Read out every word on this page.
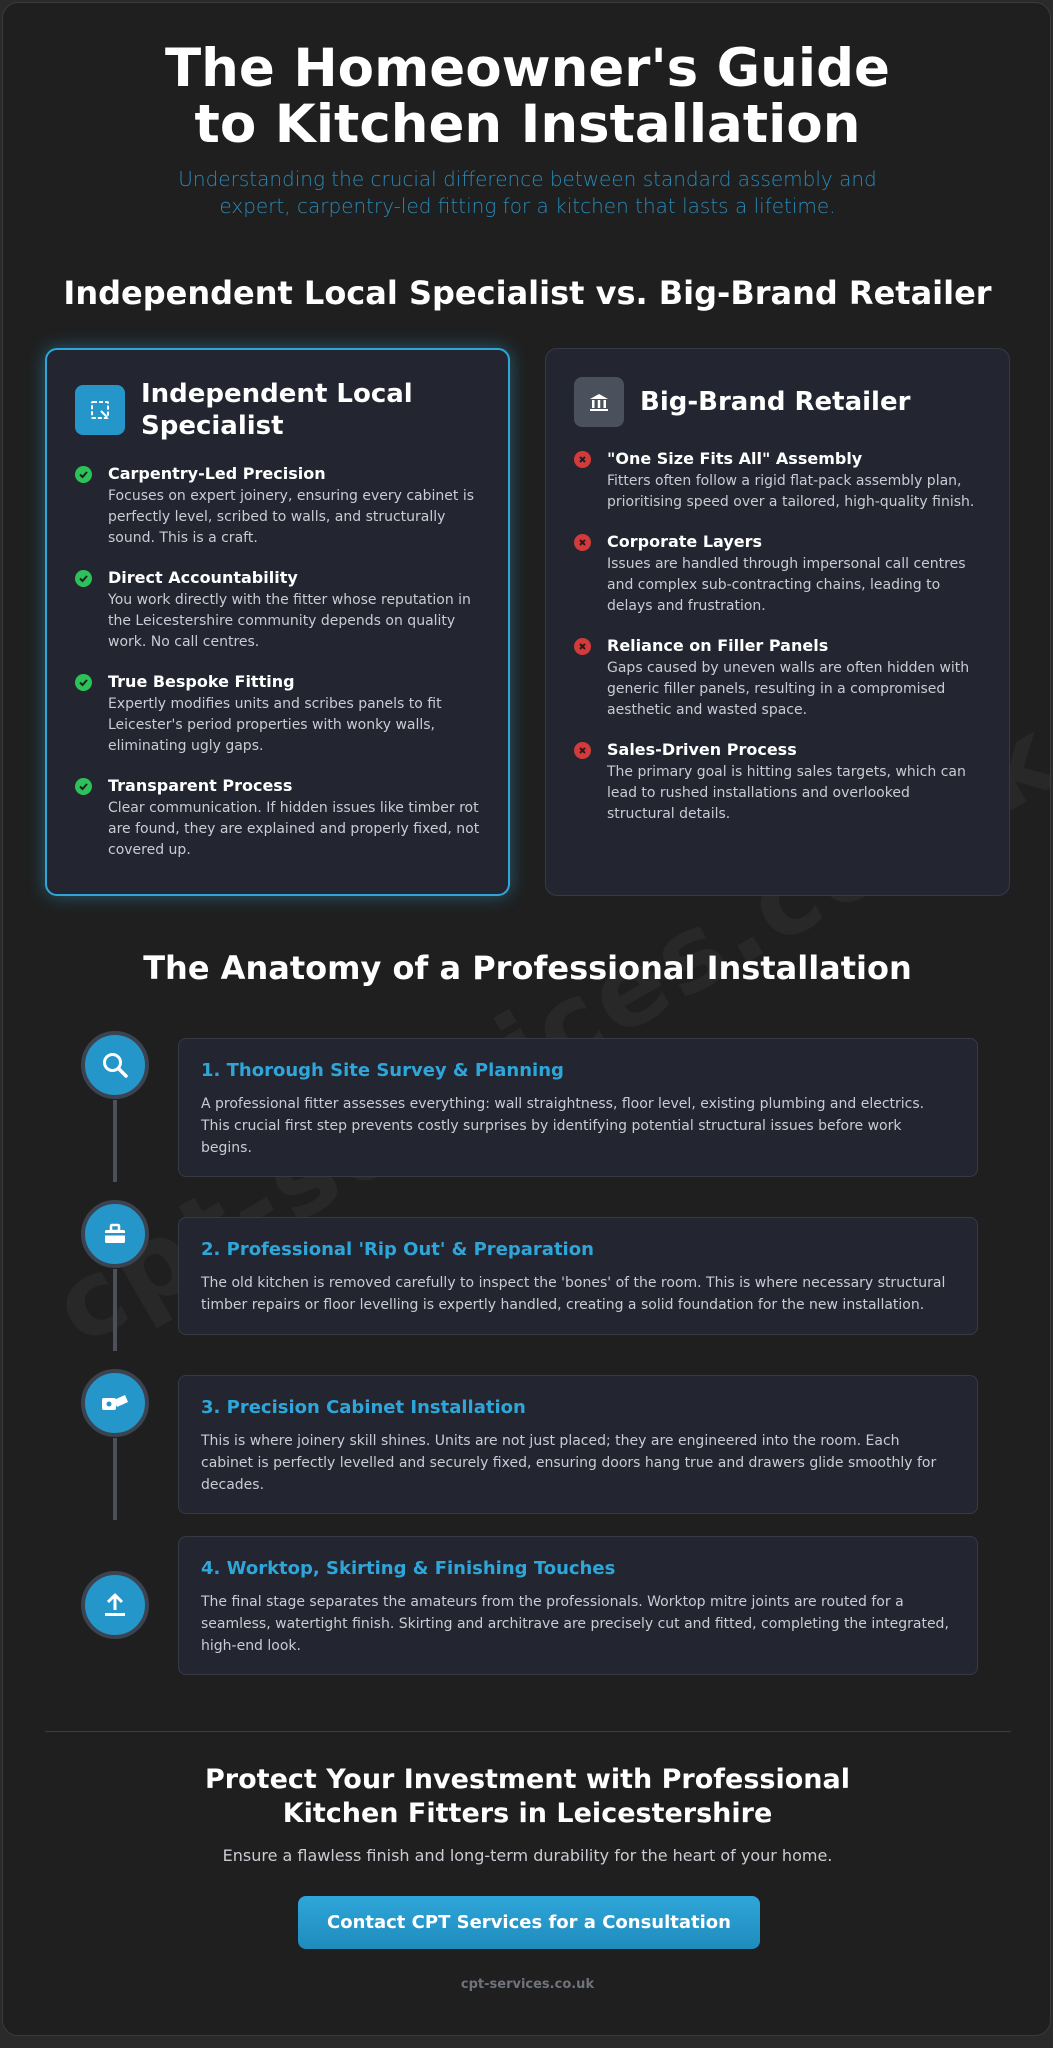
The Homeowner's Guide to Kitchen Installation

Understanding the crucial difference between standard assembly and expert, carpentry-led fitting for a kitchen that lasts a lifetime.

Independent Local Specialist vs. Big-Brand Retailer
Independent Local Specialist
Carpentry-Led Precision
Focuses on expert joinery, ensuring every cabinet is perfectly level, scribed to walls, and structurally sound. This is a craft.
Direct Accountability
You work directly with the fitter whose reputation in the Leicestershire community depends on quality work. No call centres.
True Bespoke Fitting
Expertly modifies units and scribes panels to fit Leicester's period properties with wonky walls, eliminating ugly gaps.
Transparent Process
Clear communication. If hidden issues like timber rot are found, they are explained and properly fixed, not covered up.
Big-Brand Retailer
"One Size Fits All" Assembly
Fitters often follow a rigid flat-pack assembly plan, prioritising speed over a tailored, high-quality finish.
Corporate Layers
Issues are handled through impersonal call centres and complex sub-contracting chains, leading to delays and frustration.
Reliance on Filler Panels
Gaps caused by uneven walls are often hidden with generic filler panels, resulting in a compromised aesthetic and wasted space.
Sales-Driven Process
The primary goal is hitting sales targets, which can lead to rushed installations and overlooked structural details.
The Anatomy of a Professional Installation
1. Thorough Site Survey & Planning
A professional fitter assesses everything: wall straightness, floor level, existing plumbing and electrics. This crucial first step prevents costly surprises by identifying potential structural issues before work begins.
2. Professional 'Rip Out' & Preparation
The old kitchen is removed carefully to inspect the 'bones' of the room. This is where necessary structural timber repairs or floor levelling is expertly handled, creating a solid foundation for the new installation.
3. Precision Cabinet Installation
This is where joinery skill shines. Units are not just placed; they are engineered into the room. Each cabinet is perfectly levelled and securely fixed, ensuring doors hang true and drawers glide smoothly for decades.
4. Worktop, Skirting & Finishing Touches
The final stage separates the amateurs from the professionals. Worktop mitre joints are routed for a seamless, watertight finish. Skirting and architrave are precisely cut and fitted, completing the integrated, high-end look.
Protect Your Investment with Professional Kitchen Fitters in Leicestershire

Ensure a flawless finish and long-term durability for the heart of your home.

Contact CPT Services for a Consultation
cpt-services.co.uk
